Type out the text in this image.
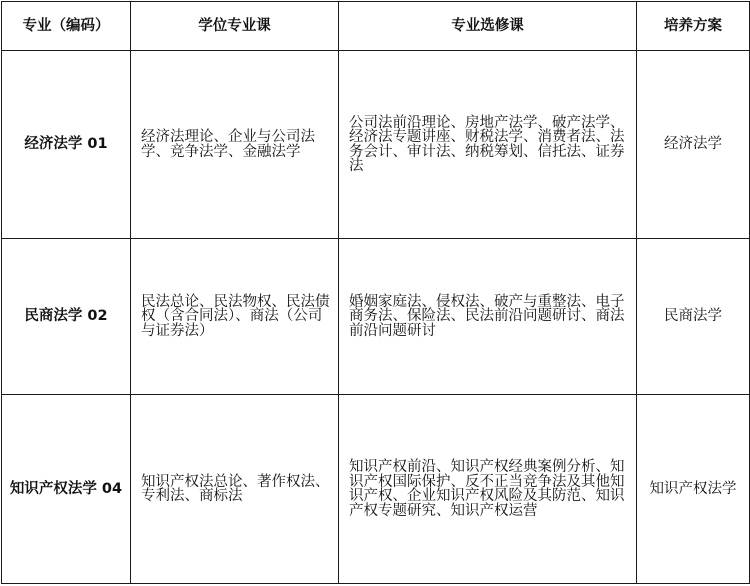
专业（编码）	学位专业课	专业选修课	培养方案
经济法学 01	经济法理论、企业与公司法学、竞争法学、金融法学	公司法前沿理论、房地产法学、破产法学、经济法专题讲座、财税法学、消费者法、法务会计、审计法、纳税筹划、信托法、证券法	经济法学
民商法学 02	民法总论、民法物权、民法债权（含合同法）、商法（公司与证券法）	婚姻家庭法、侵权法、破产与重整法、电子商务法、保险法、民法前沿问题研讨、商法前沿问题研讨	民商法学
知识产权法学 04	知识产权法总论、著作权法、专利法、商标法	知识产权前沿、知识产权经典案例分析、知识产权国际保护、反不正当竞争法及其他知识产权、企业知识产权风险及其防范、知识产权专题研究、知识产权运营	知识产权法学
